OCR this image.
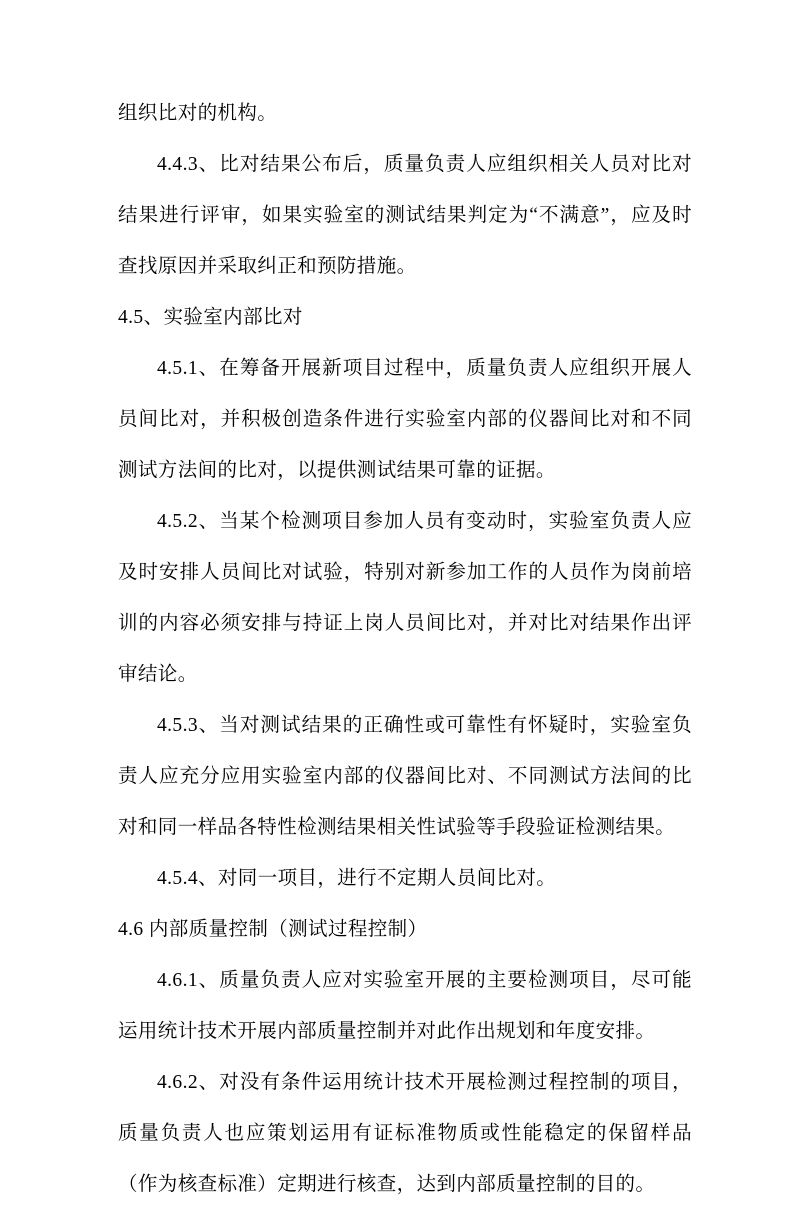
组织比对的机构。

4.4.3、比对结果公布后，质量负责人应组织相关人员对比对结果进行评审，如果实验室的测试结果判定为“不满意”，应及时查找原因并采取纠正和预防措施。

4.5、实验室内部比对

4.5.1、在筹备开展新项目过程中，质量负责人应组织开展人员间比对，并积极创造条件进行实验室内部的仪器间比对和不同测试方法间的比对，以提供测试结果可靠的证据。

4.5.2、当某个检测项目参加人员有变动时，实验室负责人应及时安排人员间比对试验，特别对新参加工作的人员作为岗前培训的内容必须安排与持证上岗人员间比对，并对比对结果作出评审结论。

4.5.3、当对测试结果的正确性或可靠性有怀疑时，实验室负责人应充分应用实验室内部的仪器间比对、不同测试方法间的比对和同一样品各特性检测结果相关性试验等手段验证检测结果。

4.5.4、对同一项目，进行不定期人员间比对。

4.6 内部质量控制（测试过程控制）

4.6.1、质量负责人应对实验室开展的主要检测项目，尽可能运用统计技术开展内部质量控制并对此作出规划和年度安排。

4.6.2、对没有条件运用统计技术开展检测过程控制的项目，质量负责人也应策划运用有证标准物质或性能稳定的保留样品（作为核查标准）定期进行核查，达到内部质量控制的目的。
